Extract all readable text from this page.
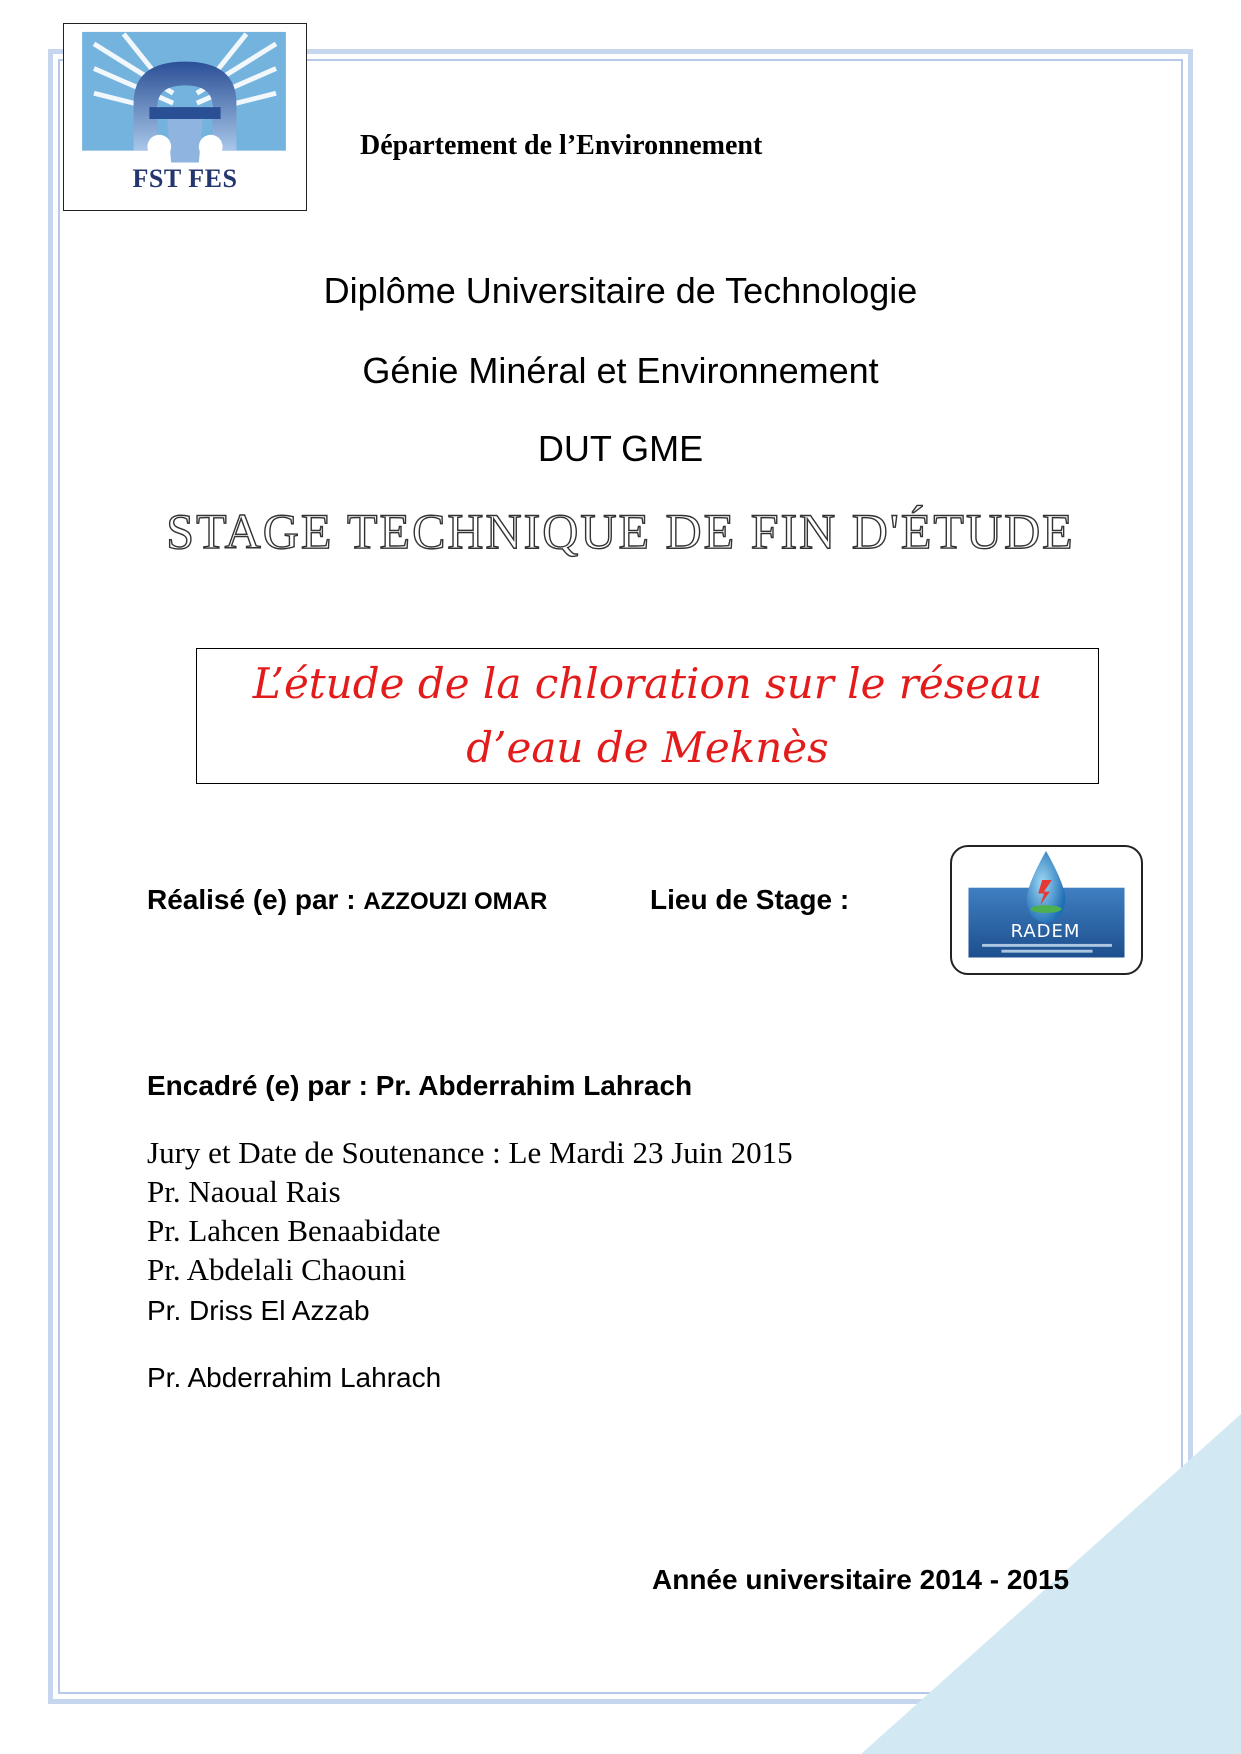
1
FST FES
Département de l’Environnement
Diplôme Universitaire de Technologie
Génie Minéral et Environnement
DUT GME
STAGE TECHNIQUE DE FIN D'ÉTUDE
L’étude de la chloration sur le réseau d’eau de Meknès
Réalisé (e) par : AZZOUZI OMAR	Lieu de Stage :
RADEM
Encadré (e) par : Pr. Abderrahim Lahrach
Jury et Date de Soutenance : Le Mardi 23 Juin 2015
Pr. Naoual Rais
Pr. Lahcen Benaabidate
Pr. Abdelali Chaouni
Pr. Driss El Azzab
Pr. Abderrahim Lahrach
Année universitaire 2014 - 2015
